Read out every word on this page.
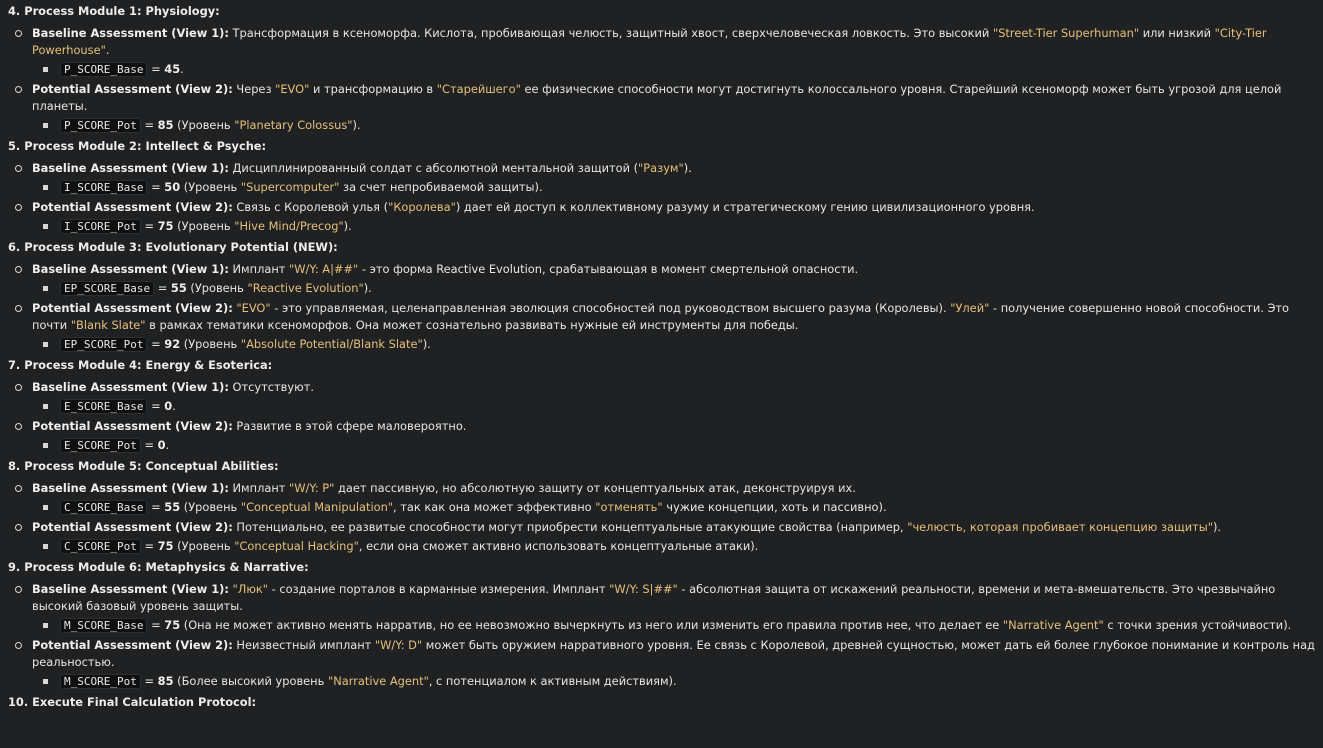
4. Process Module 1: Physiology:
Baseline Assessment (View 1): Трансформация в ксеноморфа. Кислота, пробивающая челюсть, защитный хвост, сверхчеловеческая ловкость. Это высокий "Street-Tier Superhuman" или низкий "City-Tier Powerhouse".
P_SCORE_Base = 45.
Potential Assessment (View 2): Через "EVO" и трансформацию в "Старейшего" ее физические способности могут достигнуть колоссального уровня. Старейший ксеноморф может быть угрозой для целой планеты.
P_SCORE_Pot = 85 (Уровень "Planetary Colossus").
5. Process Module 2: Intellect & Psyche:
Baseline Assessment (View 1): Дисциплинированный солдат с абсолютной ментальной защитой ("Разум").
I_SCORE_Base = 50 (Уровень "Supercomputer" за счет непробиваемой защиты).
Potential Assessment (View 2): Связь с Королевой улья ("Королева") дает ей доступ к коллективному разуму и стратегическому гению цивилизационного уровня.
I_SCORE_Pot = 75 (Уровень "Hive Mind/Precog").
6. Process Module 3: Evolutionary Potential (NEW):
Baseline Assessment (View 1): Имплант "W/Y: A|##" - это форма Reactive Evolution, срабатывающая в момент смертельной опасности.
EP_SCORE_Base = 55 (Уровень "Reactive Evolution").
Potential Assessment (View 2): "EVO" - это управляемая, целенаправленная эволюция способностей под руководством высшего разума (Королевы). "Улей" - получение совершенно новой способности. Это почти "Blank Slate" в рамках тематики ксеноморфов. Она может сознательно развивать нужные ей инструменты для победы.
EP_SCORE_Pot = 92 (Уровень "Absolute Potential/Blank Slate").
7. Process Module 4: Energy & Esoterica:
Baseline Assessment (View 1): Отсутствуют.
E_SCORE_Base = 0.
Potential Assessment (View 2): Развитие в этой сфере маловероятно.
E_SCORE_Pot = 0.
8. Process Module 5: Conceptual Abilities:
Baseline Assessment (View 1): Имплант "W/Y: P" дает пассивную, но абсолютную защиту от концептуальных атак, деконструируя их.
C_SCORE_Base = 55 (Уровень "Conceptual Manipulation", так как она может эффективно "отменять" чужие концепции, хоть и пассивно).
Potential Assessment (View 2): Потенциально, ее развитые способности могут приобрести концептуальные атакующие свойства (например, "челюсть, которая пробивает концепцию защиты").
C_SCORE_Pot = 75 (Уровень "Conceptual Hacking", если она сможет активно использовать концептуальные атаки).
9. Process Module 6: Metaphysics & Narrative:
Baseline Assessment (View 1): "Люк" - создание порталов в карманные измерения. Имплант "W/Y: S|##" - абсолютная защита от искажений реальности, времени и мета-вмешательств. Это чрезвычайно высокий базовый уровень защиты.
M_SCORE_Base = 75 (Она не может активно менять нарратив, но ее невозможно вычеркнуть из него или изменить его правила против нее, что делает ее "Narrative Agent" с точки зрения устойчивости).
Potential Assessment (View 2): Неизвестный имплант "W/Y: D" может быть оружием нарративного уровня. Ее связь с Королевой, древней сущностью, может дать ей более глубокое понимание и контроль над реальностью.
M_SCORE_Pot = 85 (Более высокий уровень "Narrative Agent", с потенциалом к активным действиям).
10. Execute Final Calculation Protocol:
